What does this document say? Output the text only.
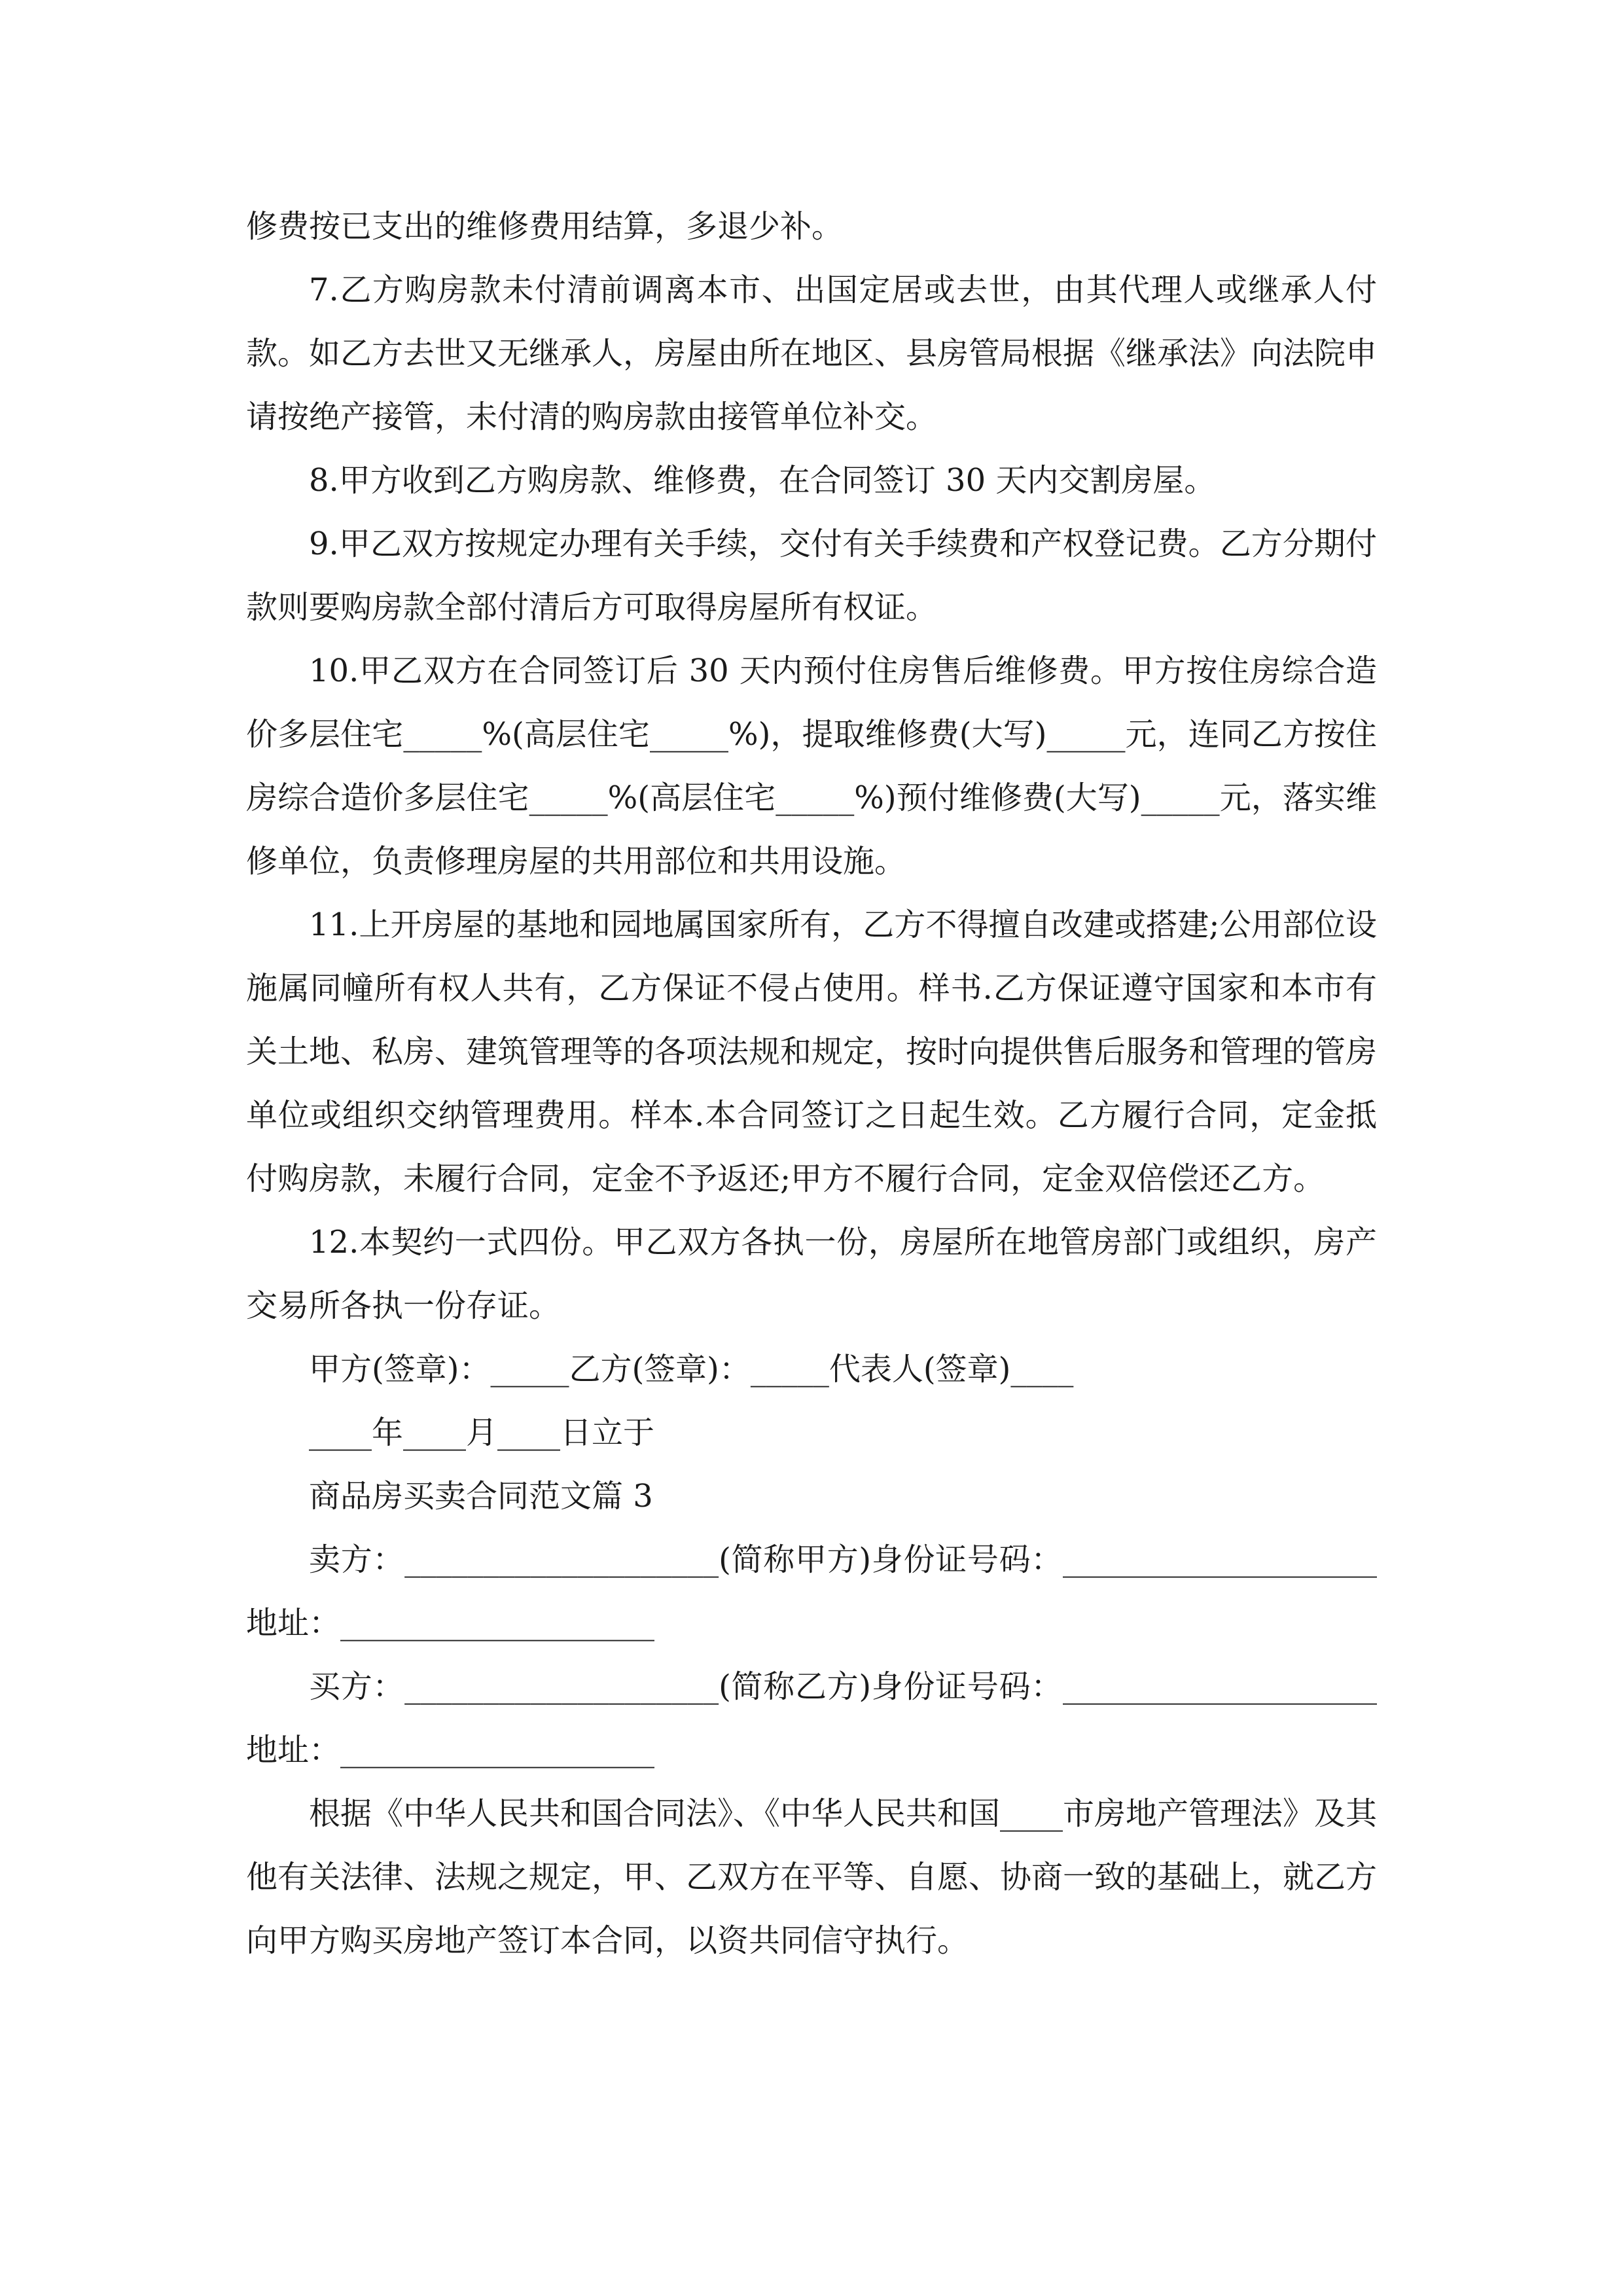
修费按已支出的维修费用结算，多退少补。

7.乙方购房款未付清前调离本市、出国定居或去世，由其代理人或继承人付款。如乙方去世又无继承人，房屋由所在地区、县房管局根据《继承法》向法院申请按绝产接管，未付清的购房款由接管单位补交。

8.甲方收到乙方购房款、维修费，在合同签订 30 天内交割房屋。

9.甲乙双方按规定办理有关手续，交付有关手续费和产权登记费。乙方分期付款则要购房款全部付清后方可取得房屋所有权证。

10.甲乙双方在合同签订后 30 天内预付住房售后维修费。甲方按住房综合造价多层住宅_____%(高层住宅_____%)，提取维修费(大写)_____元，连同乙方按住房综合造价多层住宅_____%(高层住宅_____%)预付维修费(大写)_____元，落实维修单位，负责修理房屋的共用部位和共用设施。

11.上开房屋的基地和园地属国家所有，乙方不得擅自改建或搭建;公用部位设施属同幢所有权人共有，乙方保证不侵占使用。样书.乙方保证遵守国家和本市有关土地、私房、建筑管理等的各项法规和规定，按时向提供售后服务和管理的管房单位或组织交纳管理费用。样本.本合同签订之日起生效。乙方履行合同，定金抵付购房款，未履行合同，定金不予返还;甲方不履行合同，定金双倍偿还乙方。

12.本契约一式四份。甲乙双方各执一份，房屋所在地管房部门或组织，房产交易所各执一份存证。

甲方(签章)：_____乙方(签章)：_____代表人(签章)____

____年____月____日立于

商品房买卖合同范文篇 3

卖方：____________________(简称甲方)身份证号码：____________________地址：____________________

买方：____________________(简称乙方)身份证号码：____________________地址：____________________

根据《中华人民共和国合同法》、《中华人民共和国____市房地产管理法》及其他有关法律、法规之规定，甲、乙双方在平等、自愿、协商一致的基础上，就乙方向甲方购买房地产签订本合同，以资共同信守执行。
